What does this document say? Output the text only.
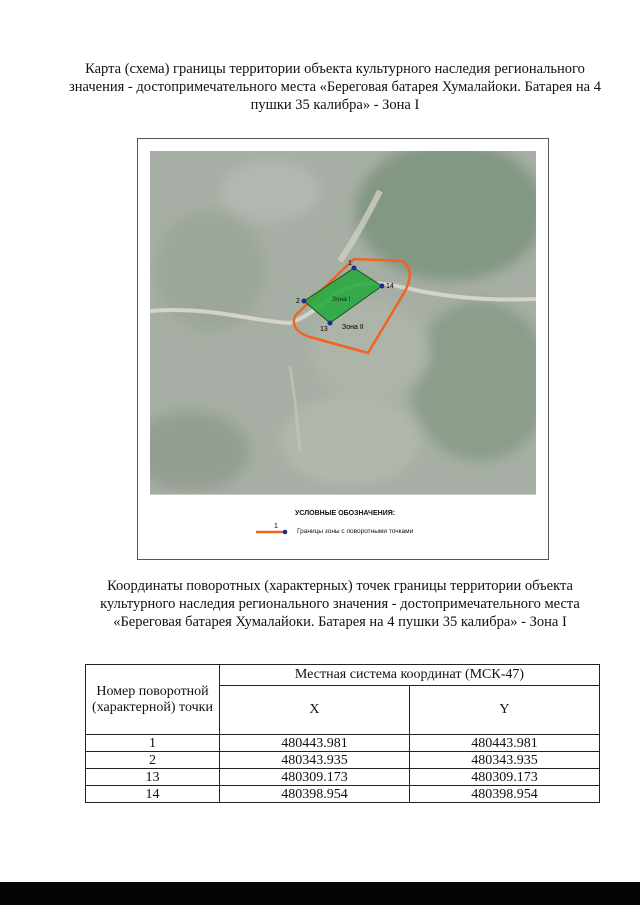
Карта (схема) границы территории объекта культурного наследия регионального значения - достопримечательного места «Береговая батарея Хумалайоки. Батарея на 4 пушки 35 калибра» - Зона I
1
14
2
13
Зона I
Зона II
УСЛОВНЫЕ ОБОЗНАЧЕНИЯ:
1
Границы зоны с поворотными точками
Координаты поворотных (характерных) точек границы территории объекта культурного наследия регионального значения - достопримечательного места «Береговая батарея Хумалайоки. Батарея на 4 пушки 35 калибра» - Зона I
Номер поворотной (характерной) точки	Местная система координат (МСК-47)	
	X	Y
1	480443.981	480443.981
2	480343.935	480343.935
13	480309.173	480309.173
14	480398.954	480398.954
